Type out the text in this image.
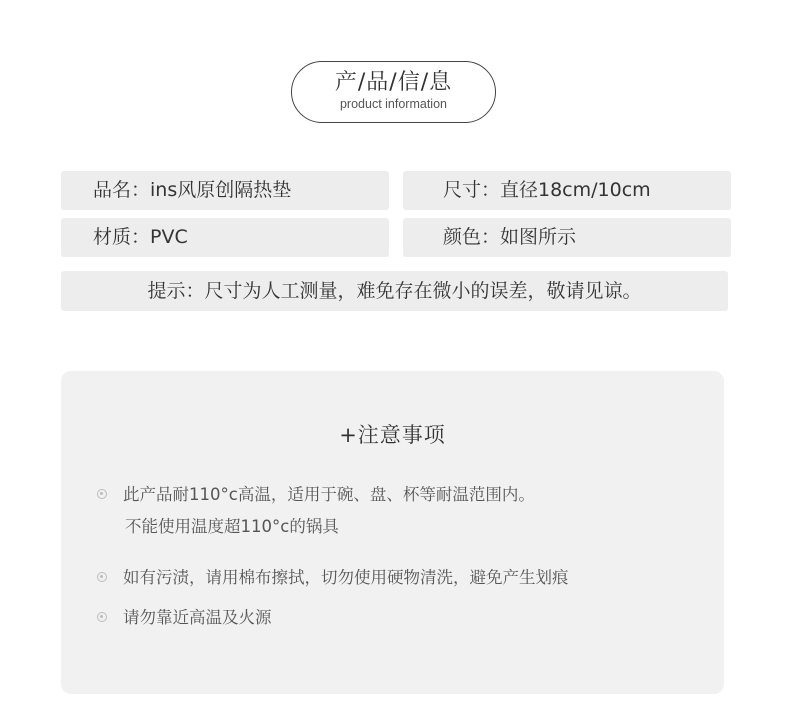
产/品/信/息
product information
品名：ins风原创隔热垫	尺寸：直径18cm/10cm
材质：PVC	颜色：如图所示
提示：尺寸为人工测量，难免存在微小的误差，敬请见谅。
+注意事项
此产品耐110°c高温，适用于碗、盘、杯等耐温范围内。
不能使用温度超110°c的锅具
如有污渍，请用棉布擦拭，切勿使用硬物清洗，避免产生划痕
请勿靠近高温及火源
